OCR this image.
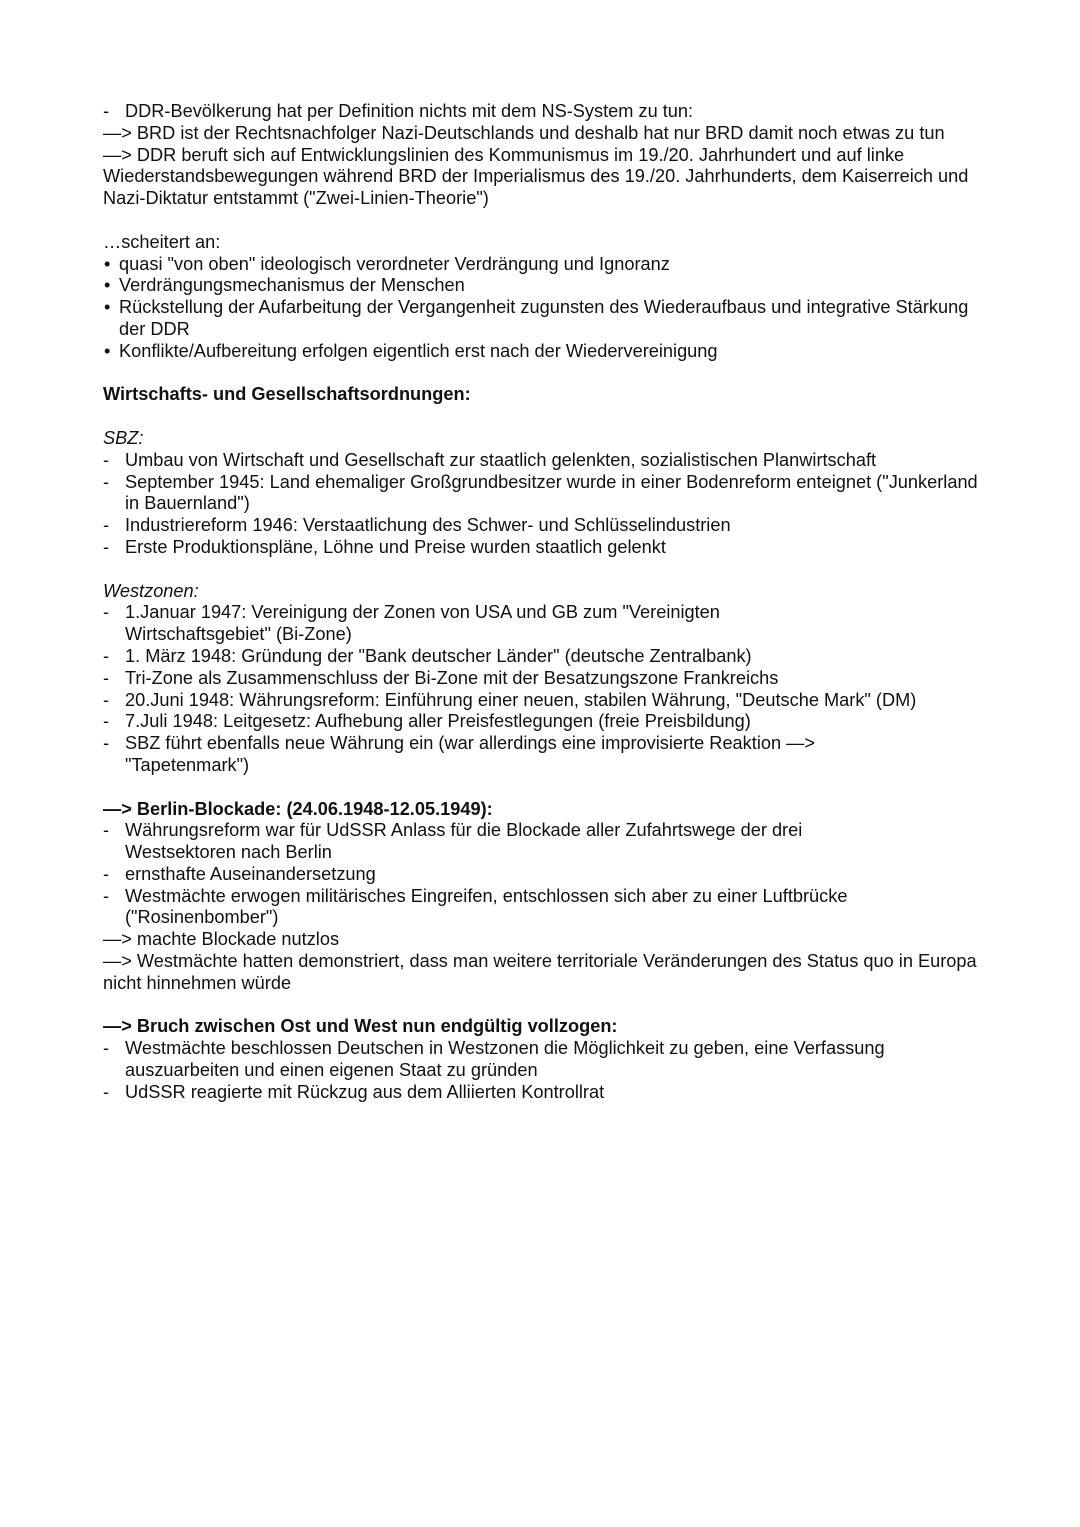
- DDR-Bevölkerung hat per Definition nichts mit dem NS-System zu tun:
—> BRD ist der Rechtsnachfolger Nazi-Deutschlands und deshalb hat nur BRD damit noch etwas zu tun
—> DDR beruft sich auf Entwicklungslinien des Kommunismus im 19./20. Jahrhundert und auf linke Wiederstandsbewegungen während BRD der Imperialismus des 19./20. Jahrhunderts, dem Kaiserreich und Nazi-Diktatur entstammt ("Zwei-Linien-Theorie")
…scheitert an:
• quasi "von oben" ideologisch verordneter Verdrängung und Ignoranz
• Verdrängungsmechanismus der Menschen
• Rückstellung der Aufarbeitung der Vergangenheit zugunsten des Wiederaufbaus und integrative Stärkung der DDR
• Konflikte/Aufbereitung erfolgen eigentlich erst nach der Wiedervereinigung
Wirtschafts- und Gesellschaftsordnungen:
SBZ:
- Umbau von Wirtschaft und Gesellschaft zur staatlich gelenkten, sozialistischen Planwirtschaft
- September 1945: Land ehemaliger Großgrundbesitzer wurde in einer Bodenreform enteignet ("Junkerland in Bauernland")
- Industriereform 1946: Verstaatlichung des Schwer- und Schlüsselindustrien
- Erste Produktionspläne, Löhne und Preise wurden staatlich gelenkt
Westzonen:
- 1.Januar 1947: Vereinigung der Zonen von USA und GB zum "Vereinigten Wirtschaftsgebiet" (Bi-Zone)
- 1. März 1948: Gründung der "Bank deutscher Länder" (deutsche Zentralbank)
- Tri-Zone als Zusammenschluss der Bi-Zone mit der Besatzungszone Frankreichs
- 20.Juni 1948: Währungsreform: Einführung einer neuen, stabilen Währung, "Deutsche Mark" (DM)
- 7.Juli 1948: Leitgesetz: Aufhebung aller Preisfestlegungen (freie Preisbildung)
- SBZ führt ebenfalls neue Währung ein (war allerdings eine improvisierte Reaktion —> "Tapetenmark")
—> Berlin-Blockade: (24.06.1948-12.05.1949):
- Währungsreform war für UdSSR Anlass für die Blockade aller Zufahrtswege der drei Westsektoren nach Berlin
- ernsthafte Auseinandersetzung
- Westmächte erwogen militärisches Eingreifen, entschlossen sich aber zu einer Luftbrücke ("Rosinenbomber")
—> machte Blockade nutzlos
—> Westmächte hatten demonstriert, dass man weitere territoriale Veränderungen des Status quo in Europa nicht hinnehmen würde
—> Bruch zwischen Ost und West nun endgültig vollzogen:
- Westmächte beschlossen Deutschen in Westzonen die Möglichkeit zu geben, eine Verfassung auszuarbeiten und einen eigenen Staat zu gründen
- UdSSR reagierte mit Rückzug aus dem Alliierten Kontrollrat
